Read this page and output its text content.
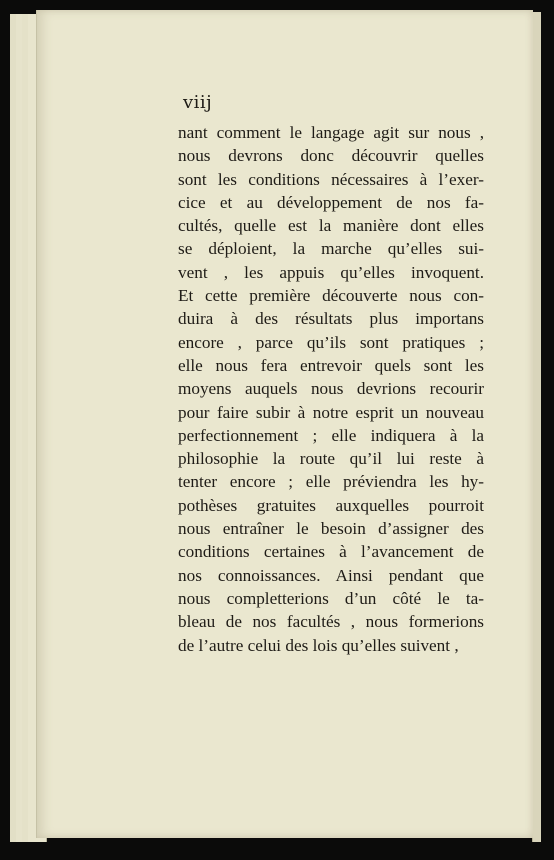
viij
nant comment le langage agit sur nous ,
nous devrons donc découvrir quelles
sont les conditions nécessaires à l’exer-
cice et au développement de nos fa-
cultés, quelle est la manière dont elles
se déploient, la marche qu’elles sui-
vent , les appuis qu’elles invoquent.
Et cette première découverte nous con-
duira à des résultats plus importans
encore , parce qu’ils sont pratiques ;
elle nous fera entrevoir quels sont les
moyens auquels nous devrions recourir
pour faire subir à notre esprit un nouveau
perfectionnement ; elle indiquera à la
philosophie la route qu’il lui reste à
tenter encore ; elle préviendra les hy-
pothèses gratuites auxquelles pourroit
nous entraîner le besoin d’assigner des
conditions certaines à l’avancement de
nos connoissances. Ainsi pendant que
nous completterions d’un côté le ta-
bleau de nos facultés , nous formerions
de l’autre celui des lois qu’elles suivent ,
